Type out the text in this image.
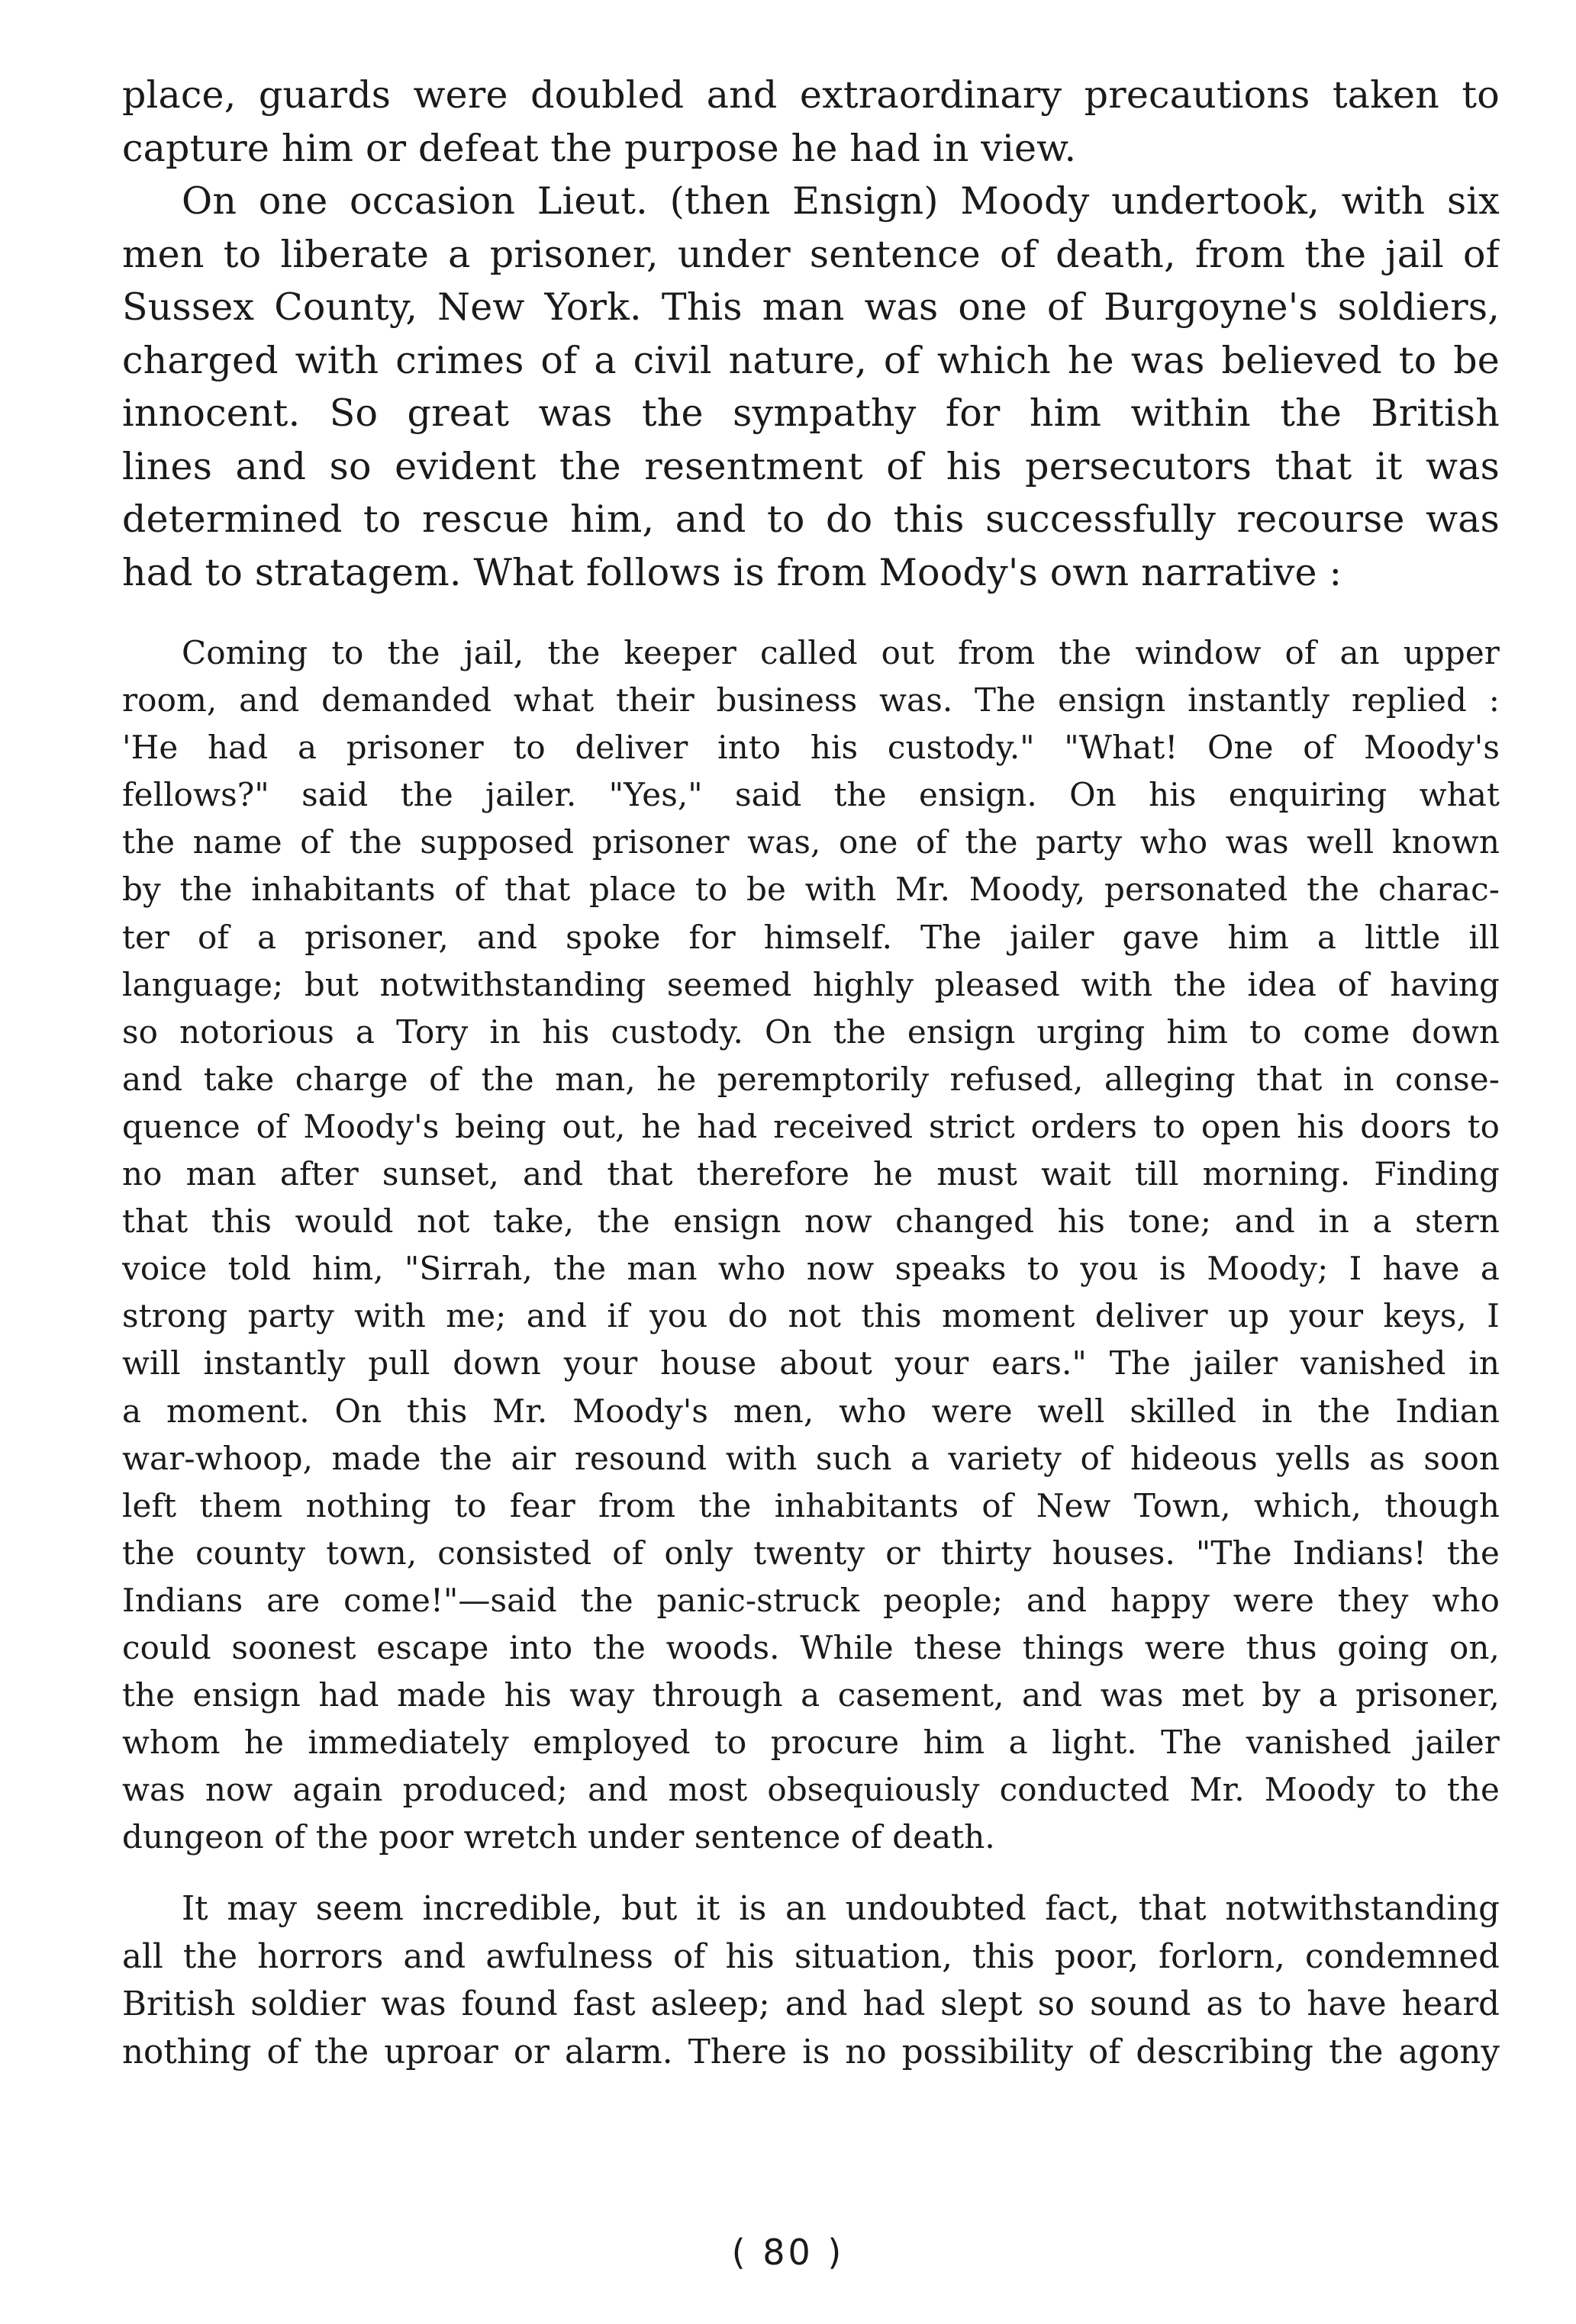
place, guards were doubled and extraordinary precautions taken to
capture him or defeat the purpose he had in view.
On one occasion Lieut. (then Ensign) Moody undertook, with six
men to liberate a prisoner, under sentence of death, from the jail of
Sussex County, New York. This man was one of Burgoyne's soldiers,
charged with crimes of a civil nature, of which he was believed to be
innocent. So great was the sympathy for him within the British
lines and so evident the resentment of his persecutors that it was
determined to rescue him, and to do this successfully recourse was
had to stratagem. What follows is from Moody's own narrative :
Coming to the jail, the keeper called out from the window of an upper
room, and demanded what their business was. The ensign instantly replied :
'He had a prisoner to deliver into his custody." "What! One of Moody's
fellows?" said the jailer. "Yes," said the ensign. On his enquiring what
the name of the supposed prisoner was, one of the party who was well known
by the inhabitants of that place to be with Mr. Moody, personated the charac-
ter of a prisoner, and spoke for himself. The jailer gave him a little ill
language; but notwithstanding seemed highly pleased with the idea of having
so notorious a Tory in his custody. On the ensign urging him to come down
and take charge of the man, he peremptorily refused, alleging that in conse-
quence of Moody's being out, he had received strict orders to open his doors to
no man after sunset, and that therefore he must wait till morning. Finding
that this would not take, the ensign now changed his tone; and in a stern
voice told him, "Sirrah, the man who now speaks to you is Moody; I have a
strong party with me; and if you do not this moment deliver up your keys, I
will instantly pull down your house about your ears." The jailer vanished in
a moment. On this Mr. Moody's men, who were well skilled in the Indian
war-whoop, made the air resound with such a variety of hideous yells as soon
left them nothing to fear from the inhabitants of New Town, which, though
the county town, consisted of only twenty or thirty houses. "The Indians! the
Indians are come!"—said the panic-struck people; and happy were they who
could soonest escape into the woods. While these things were thus going on,
the ensign had made his way through a casement, and was met by a prisoner,
whom he immediately employed to procure him a light. The vanished jailer
was now again produced; and most obsequiously conducted Mr. Moody to the
dungeon of the poor wretch under sentence of death.
It may seem incredible, but it is an undoubted fact, that notwithstanding
all the horrors and awfulness of his situation, this poor, forlorn, condemned
British soldier was found fast asleep; and had slept so sound as to have heard
nothing of the uproar or alarm. There is no possibility of describing the agony
( 80 )
